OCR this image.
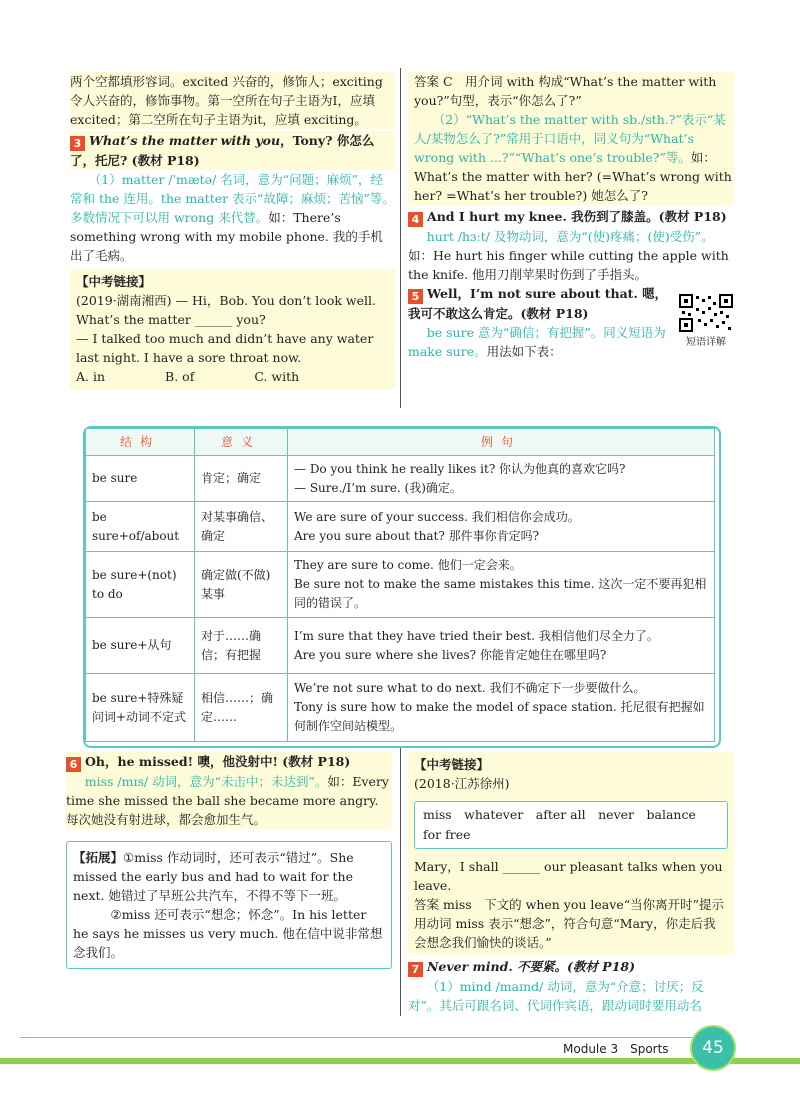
两个空都填形容词。excited 兴奋的，修饰人；exciting 令人兴奋的，修饰事物。第一空所在句子主语为I，应填 excited；第二空所在句子主语为it，应填 exciting。

3 What’s the matter with you，Tony? 你怎么了，托尼? (教材 P18)

（1）matter /ˈmætə/ 名词，意为“问题；麻烦”，经常和 the 连用。the matter 表示“故障；麻烦；苦恼”等。多数情况下可以用 wrong 来代替。如：There’s something wrong with my mobile phone. 我的手机出了毛病。

【中考链接】
(2019·湖南湘西) — Hi，Bob. You don’t look well. What’s the matter ______ you?
— I talked too much and didn’t have any water last night. I have a sore throat now.
A. in	B. of	C. with

答案 C　用介词 with 构成“What’s the matter with you?”句型，表示“你怎么了?”

（2）“What’s the matter with sb./sth.?”表示“某人/某物怎么了?”常用于口语中，同义句为“What’s wrong with ...?”“What’s one’s trouble?”等。如：What’s the matter with her? (=What’s wrong with her? =What’s her trouble?) 她怎么了?

4 And I hurt my knee. 我伤到了膝盖。(教材 P18)

hurt /hɜːt/ 及物动词，意为“(使)疼痛；(使)受伤”。如：He hurt his finger while cutting the apple with the knife. 他用刀削苹果时伤到了手指头。

5 Well，I’m not sure about that. 嗯，我可不敢这么肯定。(教材 P18)

be sure 意为“确信；有把握”。同义短语为 make sure。用法如下表：

短语详解
结构	意义	例句
be sure	肯定；确定	— Do you think he really likes it? 你认为他真的喜欢它吗?
— Sure./I’m sure. (我)确定。

be sure+of/about	对某事确信、确定	We are sure of your success. 我们相信你会成功。
Are you sure about that? 那件事你肯定吗?

be sure+(not) to do	确定做(不做)某事	They are sure to come. 他们一定会来。
Be sure not to make the same mistakes this time. 这次一定不要再犯相同的错误了。

be sure+从句	对于……确信；有把握	I’m sure that they have tried their best. 我相信他们尽全力了。
Are you sure where she lives? 你能肯定她住在哪里吗?

be sure+特殊疑问词+动词不定式	相信……；确定……	We’re not sure what to do next. 我们不确定下一步要做什么。
Tony is sure how to make the model of space station. 托尼很有把握如何制作空间站模型。

6 Oh，he missed! 噢，他没射中! (教材 P18)

miss /mɪs/ 动词，意为“未击中；未达到”。如：Every time she missed the ball she became more angry. 每次她没有射进球，都会愈加生气。

【拓展】①miss 作动词时，还可表示“错过”。She missed the early bus and had to wait for the next. 她错过了早班公共汽车，不得不等下一班。
②miss 还可表示“想念；怀念”。In his letter he says he misses us very much. 他在信中说非常想念我们。
【中考链接】
(2018·江苏徐州)
miss　whatever　after all　never　balance　for free
Mary，I shall ______ our pleasant talks when you leave.
答案 miss　下文的 when you leave“当你离开时”提示用动词 miss 表示“想念”，符合句意“Mary，你走后我会想念我们愉快的谈话。”

7 Never mind. 不要紧。(教材 P18)

（1）mind /maɪnd/ 动词，意为“介意；讨厌；反对”。其后可跟名词、代词作宾语，跟动词时要用动名

Module 3　Sports	45
